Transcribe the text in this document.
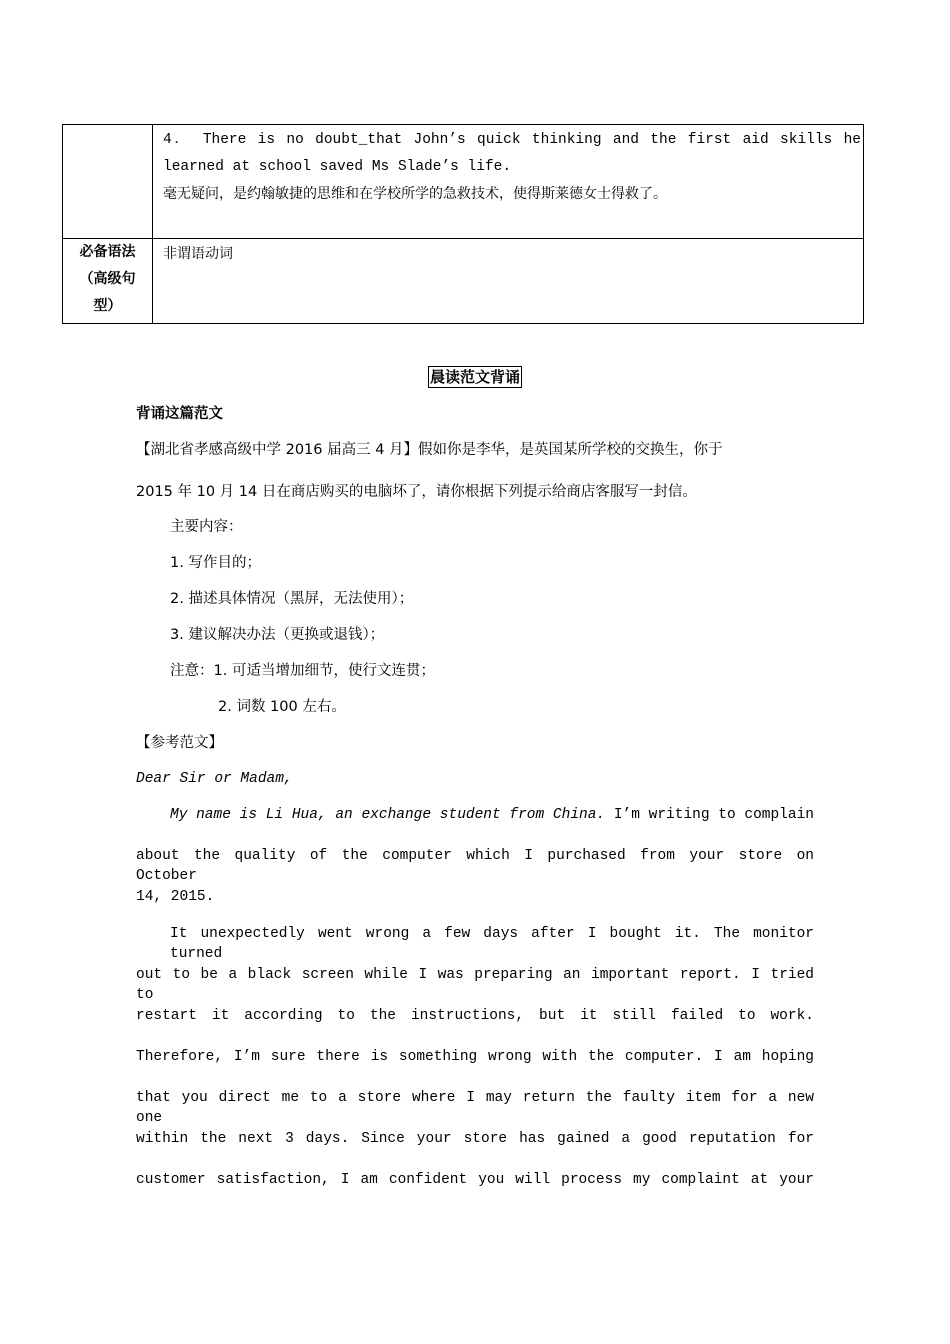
	4． There is no doubt_that John’s quick thinking and the first aid skills he
learned at school saved Ms Slade’s life.
毫无疑问，是约翰敏捷的思维和在学校所学的急救技术，使得斯莱德女士得救了。

必备语法
（高级句
型）	非谓语动词
晨读范文背诵
背诵这篇范文
【湖北省孝感高级中学 2016 届高三 4 月】假如你是李华，是英国某所学校的交换生，你于
2015 年 10 月 14 日在商店购买的电脑坏了，请你根据下列提示给商店客服写一封信。
主要内容：
1. 写作目的；
2. 描述具体情况（黑屏，无法使用）；
3. 建议解决办法（更换或退钱）；
注意：1. 可适当增加细节，使行文连贯；
2. 词数 100 左右。
【参考范文】
Dear Sir or Madam,
My name is Li Hua, an exchange student from China. I’m writing to complain
about the quality of the computer which I purchased from your store on October
14, 2015.
It unexpectedly went wrong a few days after I bought it. The monitor turned
out to be a black screen while I was preparing an important report. I tried to
restart it according to the instructions, but it still failed to work.
Therefore, I’m sure there is something wrong with the computer. I am hoping
that you direct me to a store where I may return the faulty item for a new one
within the next 3 days. Since your store has gained a good reputation for
customer satisfaction, I am confident you will process my complaint at your
